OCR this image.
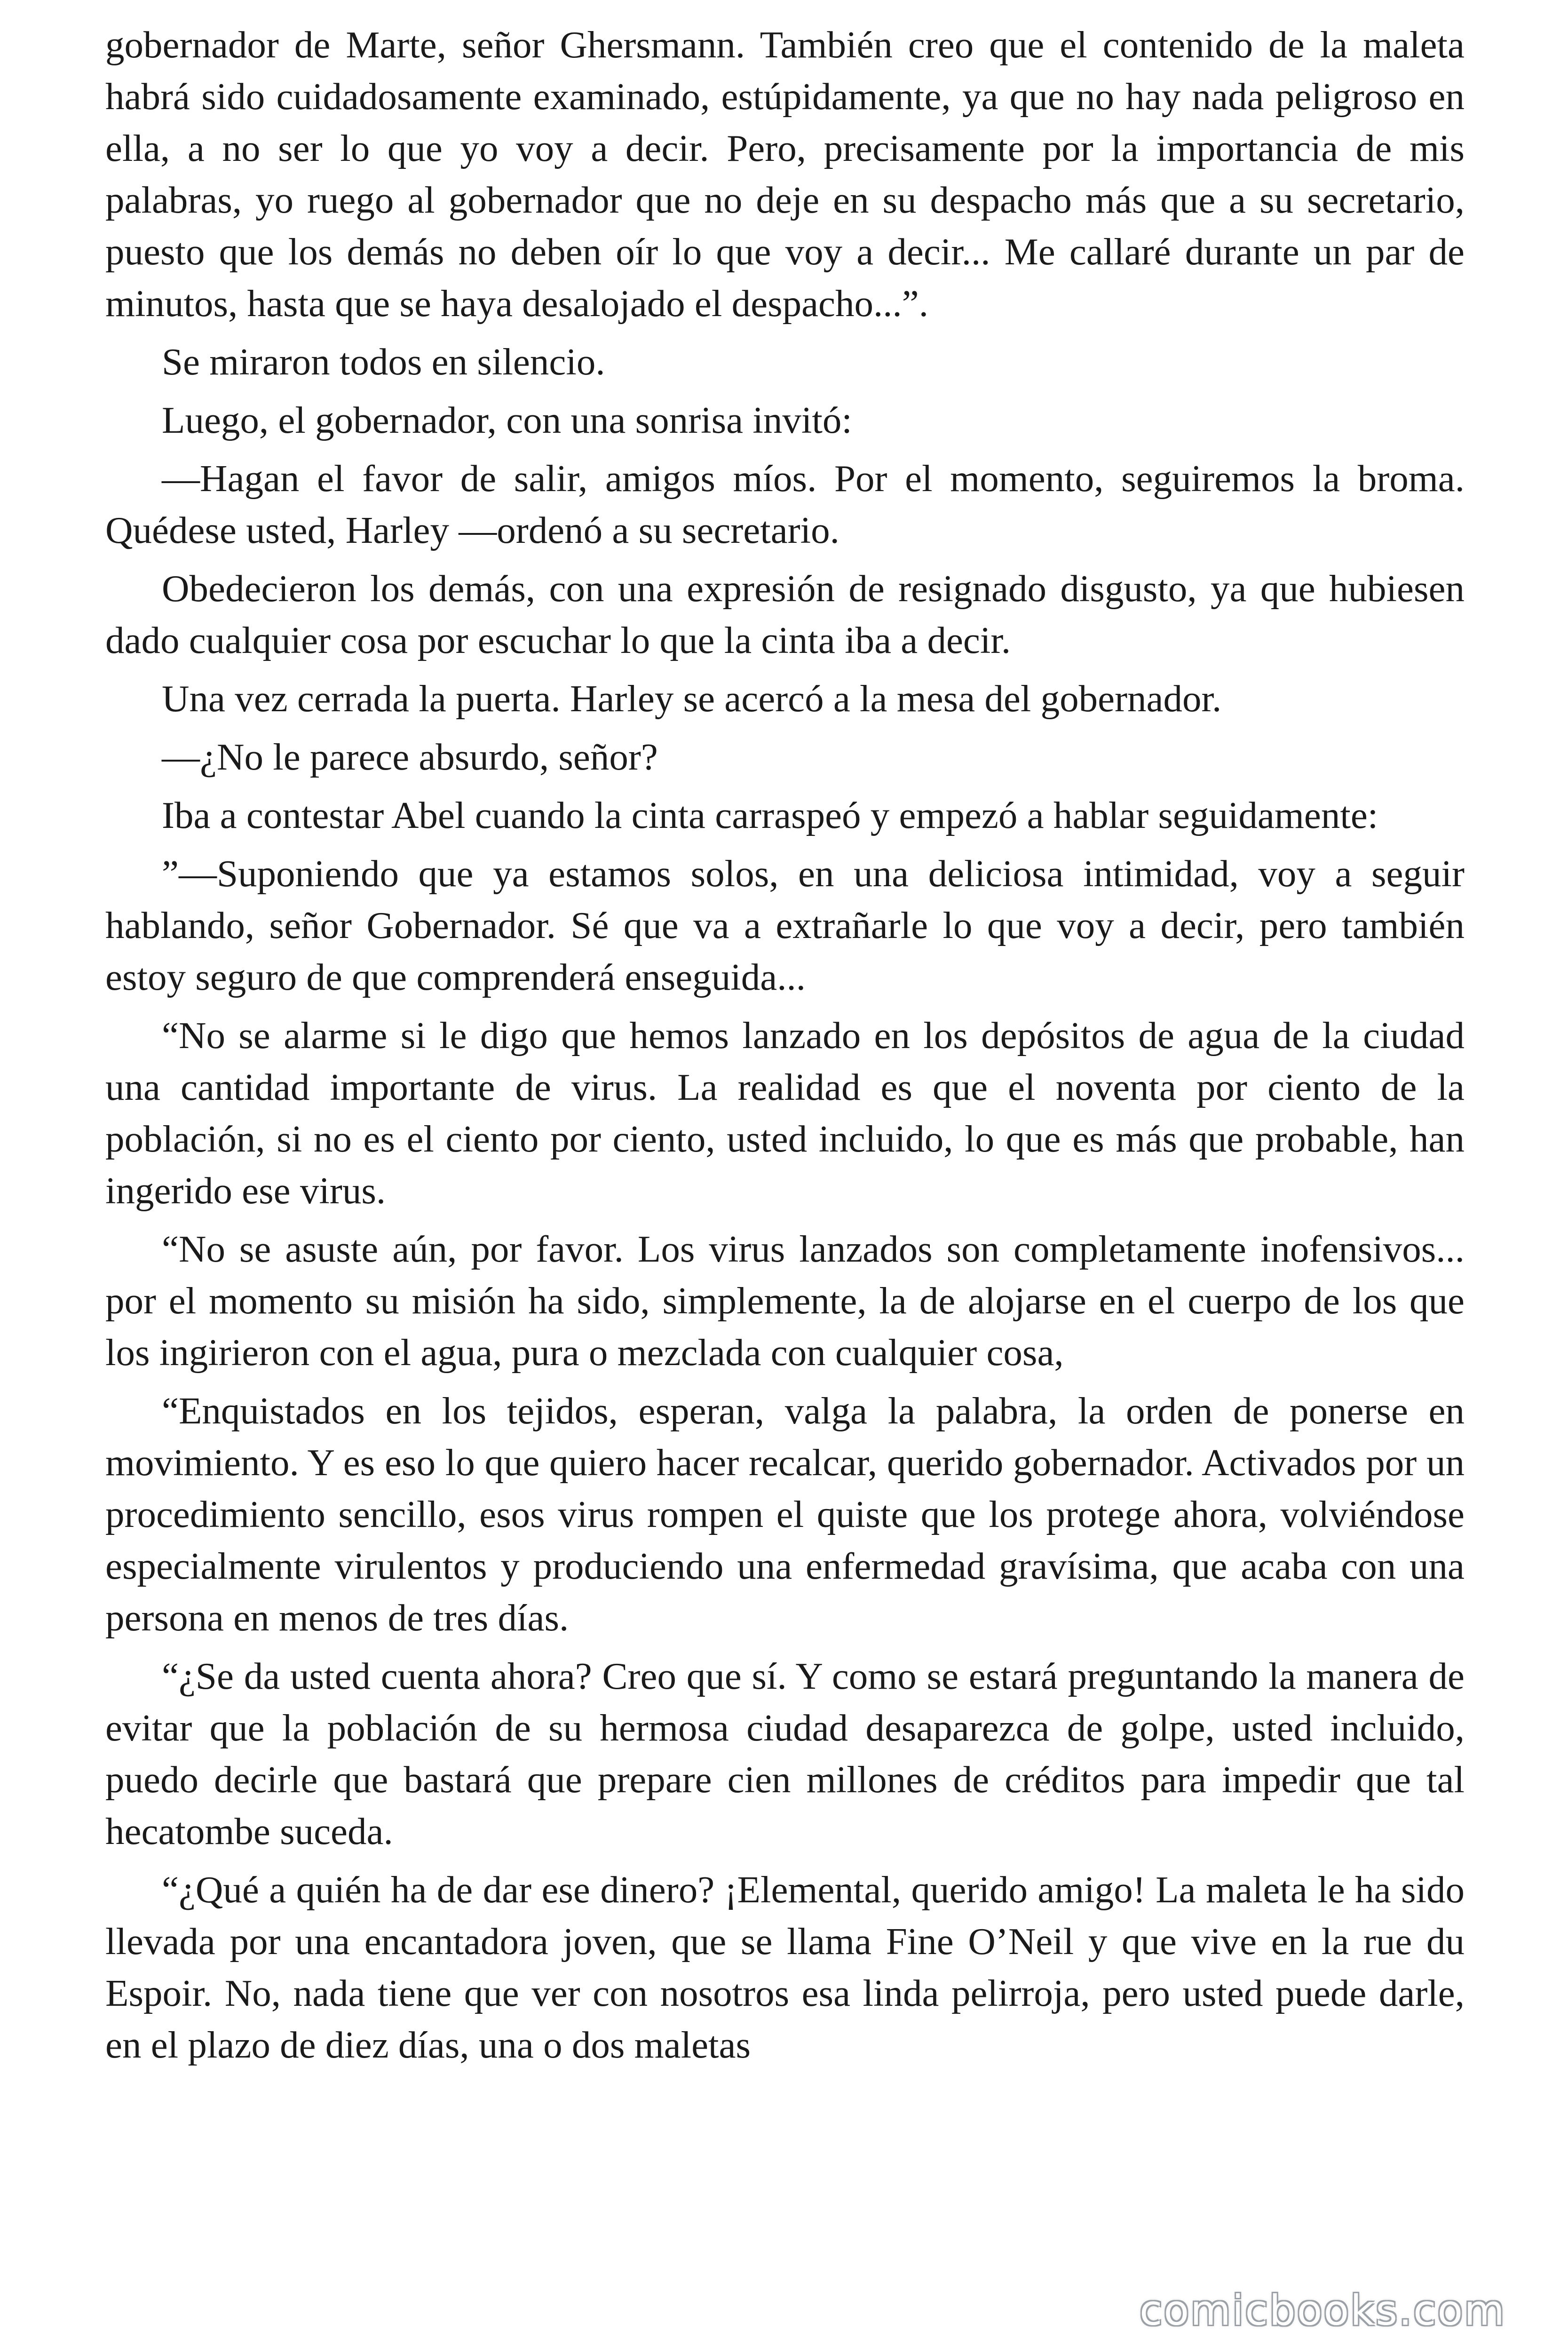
gobernador de Marte, señor Ghersmann. También creo que el contenido de la maleta habrá sido cuidadosamente examinado, estúpidamente, ya que no hay nada peligroso en ella, a no ser lo que yo voy a decir. Pero, precisamente por la importancia de mis palabras, yo ruego al gobernador que no deje en su despacho más que a su secretario, puesto que los demás no deben oír lo que voy a decir... Me callaré durante un par de minutos, hasta que se haya desalojado el despacho...”.

Se miraron todos en silencio.

Luego, el gobernador, con una sonrisa invitó:

—Hagan el favor de salir, amigos míos. Por el momento, seguiremos la broma. Quédese usted, Harley —ordenó a su secretario.

Obedecieron los demás, con una expresión de resignado disgusto, ya que hubiesen dado cualquier cosa por escuchar lo que la cinta iba a decir.

Una vez cerrada la puerta. Harley se acercó a la mesa del gobernador.

—¿No le parece absurdo, señor?

Iba a contestar Abel cuando la cinta carraspeó y empezó a hablar seguidamente:

”—Suponiendo que ya estamos solos, en una deliciosa intimidad, voy a seguir hablando, señor Gobernador. Sé que va a extrañarle lo que voy a decir, pero también estoy seguro de que comprenderá enseguida...

“No se alarme si le digo que hemos lanzado en los depósitos de agua de la ciudad una cantidad importante de virus. La realidad es que el noventa por ciento de la población, si no es el ciento por ciento, usted incluido, lo que es más que probable, han ingerido ese virus.

“No se asuste aún, por favor. Los virus lanzados son completamente inofensivos... por el momento su misión ha sido, simplemente, la de alojarse en el cuerpo de los que los ingirieron con el agua, pura o mezclada con cualquier cosa,

“Enquistados en los tejidos, esperan, valga la palabra, la orden de ponerse en movimiento. Y es eso lo que quiero hacer recalcar, querido gobernador. Activados por un procedimiento sencillo, esos virus rompen el quiste que los protege ahora, volviéndose especialmente virulentos y produciendo una enfermedad gravísima, que acaba con una persona en menos de tres días.

“¿Se da usted cuenta ahora? Creo que sí. Y como se estará preguntando la manera de evitar que la población de su hermosa ciudad desaparezca de golpe, usted incluido, puedo decirle que bastará que prepare cien millones de créditos para impedir que tal hecatombe suceda.

“¿Qué a quién ha de dar ese dinero? ¡Elemental, querido amigo! La maleta le ha sido llevada por una encantadora joven, que se llama Fine O’Neil y que vive en la rue du Espoir. No, nada tiene que ver con nosotros esa linda pelirroja, pero usted puede darle, en el plazo de diez días, una o dos maletas

comicbooks.com
